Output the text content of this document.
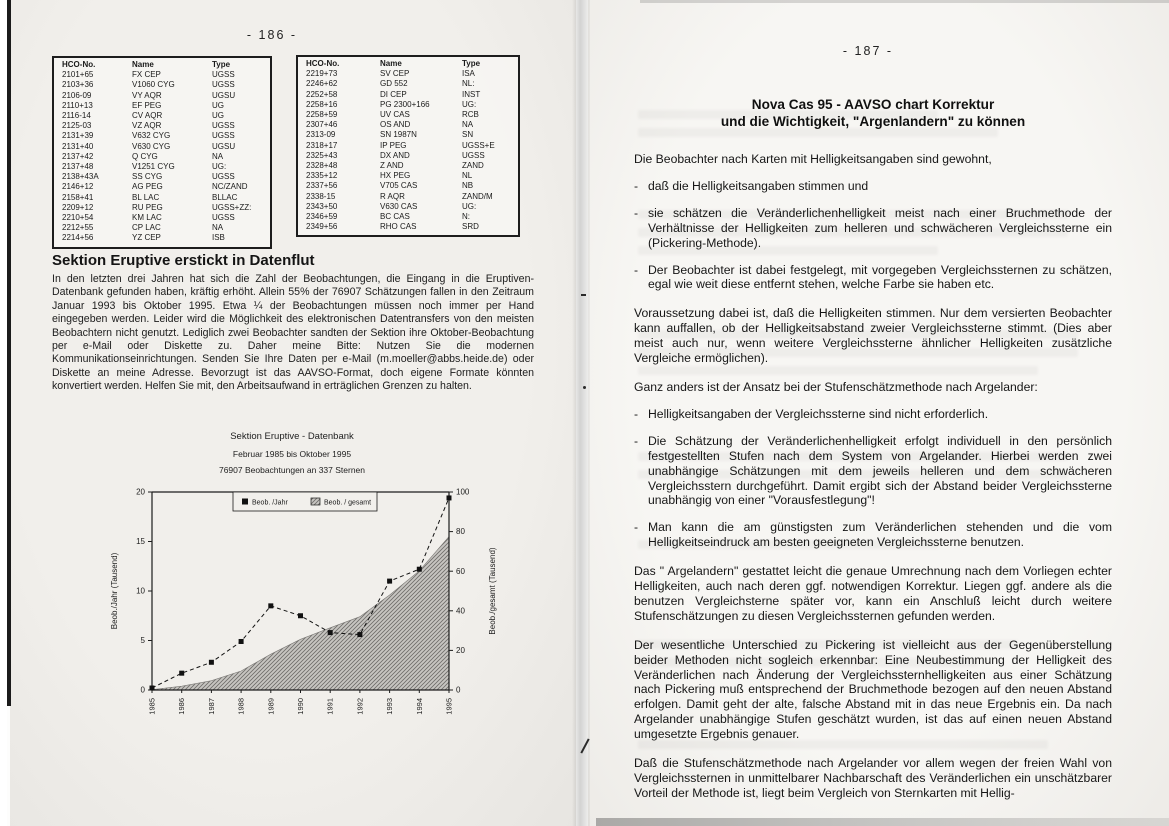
- 186 -
HCO-No.	Name	Type
2101+65	FX CEP	UGSS
2103+36	V1060 CYG	UGSS
2106-09	VY AQR	UGSU
2110+13	EF PEG	UG
2116-14	CV AQR	UG
2125-03	VZ AQR	UGSS
2131+39	V632 CYG	UGSS
2131+40	V630 CYG	UGSU
2137+42	Q CYG	NA
2137+48	V1251 CYG	UG:
2138+43A	SS CYG	UGSS
2146+12	AG PEG	NC/ZAND
2158+41	BL LAC	BLLAC
2209+12	RU PEG	UGSS+ZZ:
2210+54	KM LAC	UGSS
2212+55	CP LAC	NA
2214+56	YZ CEP	ISB
HCO-No.	Name	Type
2219+73	SV CEP	ISA
2246+62	GD 552	NL:
2252+58	DI CEP	INST
2258+16	PG 2300+166	UG:
2258+59	UV CAS	RCB
2307+46	OS AND	NA
2313-09	SN 1987N	SN
2318+17	IP PEG	UGSS+E
2325+43	DX AND	UGSS
2328+48	Z AND	ZAND
2335+12	HX PEG	NL
2337+56	V705 CAS	NB
2338-15	R AQR	ZAND/M
2343+50	V630 CAS	UG:
2346+59	BC CAS	N:
2349+56	RHO CAS	SRD
Sektion Eruptive erstickt in Datenflut
In den letzten drei Jahren hat sich die Zahl der Beobachtungen, die Eingang in die Eruptiven-Datenbank gefunden haben, kräftig erhöht. Allein 55% der 76907 Schätzungen fallen in den Zeitraum Januar 1993 bis Oktober 1995. Etwa ¼ der Beobachtungen müssen noch immer per Hand eingegeben werden. Leider wird die Möglichkeit des elektronischen Datentransfers von den meisten Beobachtern nicht genutzt. Lediglich zwei Beobachter sandten der Sektion ihre Oktober-Beobachtung per e-Mail oder Diskette zu. Daher meine Bitte: Nutzen Sie die modernen Kommunikationseinrichtungen. Senden Sie Ihre Daten per e-Mail (m.moeller@abbs.heide.de) oder Diskette an meine Adresse. Bevorzugt ist das AAVSO-Format, doch eigene Formate könnten konvertiert werden. Helfen Sie mit, den Arbeitsaufwand in erträglichen Grenzen zu halten.
Sektion Eruptive - Datenbank
Februar 1985 bis Oktober 1995
76907 Beobachtungen an 337 Sternen
0
5
10
15
20
0
20
40
60
80
100
1985	1986	1987	1988	1989	1990	1991	1992	1993	1994	1995
Beob./Jahr (Tausend)	Beob./gesamt (Tausend)
Beob. /Jahr	Beob. / gesamt
- 187 -
Nova Cas 95 - AAVSO chart Korrektur
und die Wichtigkeit, "Argenlandern" zu können
Die Beobachter nach Karten mit Helligkeitsangaben sind gewohnt,
- daß die Helligkeitsangaben stimmen und
- sie schätzen die Veränderlichenhelligkeit meist nach einer Bruchmethode der Verhältnisse der Helligkeiten zum helleren und schwächeren Vergleichssterne ein (Pickering-Methode).
- Der Beobachter ist dabei festgelegt, mit vorgegeben Vergleichssternen zu schätzen, egal wie weit diese entfernt stehen, welche Farbe sie haben etc.
Voraussetzung dabei ist, daß die Helligkeiten stimmen. Nur dem versierten Beobachter kann auffallen, ob der Helligkeitsabstand zweier Vergleichssterne stimmt. (Dies aber meist auch nur, wenn weitere Vergleichssterne ähnlicher Helligkeiten zusätzliche Vergleiche ermöglichen).
Ganz anders ist der Ansatz bei der Stufenschätzmethode nach Argelander:
- Helligkeitsangaben der Vergleichssterne sind nicht erforderlich.
- Die Schätzung der Veränderlichenhelligkeit erfolgt individuell in den persönlich festgestellten Stufen nach dem System von Argelander. Hierbei werden zwei unabhängige Schätzungen mit dem jeweils helleren und dem schwächeren Vergleichsstern durchgeführt. Damit ergibt sich der Abstand beider Vergleichssterne unabhängig von einer "Vorausfestlegung"!
- Man kann die am günstigsten zum Veränderlichen stehenden und die vom Helligkeitseindruck am besten geeigneten Vergleichssterne benutzen.
Das " Argelandern" gestattet leicht die genaue Umrechnung nach dem Vorliegen echter Helligkeiten, auch nach deren ggf. notwendigen Korrektur. Liegen ggf. andere als die benutzen Vergleichsterne später vor, kann ein Anschluß leicht durch weitere Stufenschätzungen zu diesen Vergleichssternen gefunden werden.
Der wesentliche Unterschied zu Pickering ist vielleicht aus der Gegenüberstellung beider Methoden nicht sogleich erkennbar: Eine Neubestimmung der Helligkeit des Veränderlichen nach Änderung der Vergleichssternhelligkeiten aus einer Schätzung nach Pickering muß entsprechend der Bruchmethode bezogen auf den neuen Abstand erfolgen. Damit geht der alte, falsche Abstand mit in das neue Ergebnis ein. Da nach Argelander unabhängige Stufen geschätzt wurden, ist das auf einen neuen Abstand umgesetzte Ergebnis genauer.
Daß die Stufenschätzmethode nach Argelander vor allem wegen der freien Wahl von Vergleichssternen in unmittelbarer Nachbarschaft des Veränderlichen ein unschätzbarer Vorteil der Methode ist, liegt beim Vergleich von Sternkarten mit Hellig-
